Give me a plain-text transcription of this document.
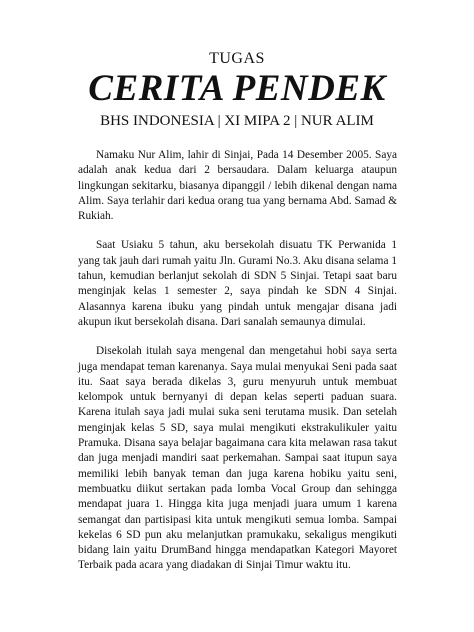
TUGAS
CERITA PENDEK
BHS INDONESIA | XI MIPA 2 | NUR ALIM

Namaku Nur Alim, lahir di Sinjai, Pada 14 Desember 2005. Saya adalah anak kedua dari 2 bersaudara. Dalam keluarga ataupun lingkungan sekitarku, biasanya dipanggil / lebih dikenal dengan nama Alim. Saya terlahir dari kedua orang tua yang bernama Abd. Samad & Rukiah.

Saat Usiaku 5 tahun, aku bersekolah disuatu TK Perwanida 1 yang tak jauh dari rumah yaitu Jln. Gurami No.3. Aku disana selama 1 tahun, kemudian berlanjut sekolah di SDN 5 Sinjai. Tetapi saat baru menginjak kelas 1 semester 2, saya pindah ke SDN 4 Sinjai. Alasannya karena ibuku yang pindah untuk mengajar disana jadi akupun ikut bersekolah disana. Dari sanalah semaunya dimulai.

Disekolah itulah saya mengenal dan mengetahui hobi saya serta juga mendapat teman karenanya. Saya mulai menyukai Seni pada saat itu. Saat saya berada dikelas 3, guru menyuruh untuk membuat kelompok untuk bernyanyi di depan kelas seperti paduan suara. Karena itulah saya jadi mulai suka seni terutama musik. Dan setelah menginjak kelas 5 SD, saya mulai mengikuti ekstrakulikuler yaitu Pramuka. Disana saya belajar bagaimana cara kita melawan rasa takut dan juga menjadi mandiri saat perkemahan. Sampai saat itupun saya memiliki lebih banyak teman dan juga karena hobiku yaitu seni, membuatku diikut sertakan pada lomba Vocal Group dan sehingga mendapat juara 1. Hingga kita juga menjadi juara umum 1 karena semangat dan partisipasi kita untuk mengikuti semua lomba. Sampai kekelas 6 SD pun aku melanjutkan pramukaku, sekaligus mengikuti bidang lain yaitu DrumBand hingga mendapatkan Kategori Mayoret Terbaik pada acara yang diadakan di Sinjai Timur waktu itu.
